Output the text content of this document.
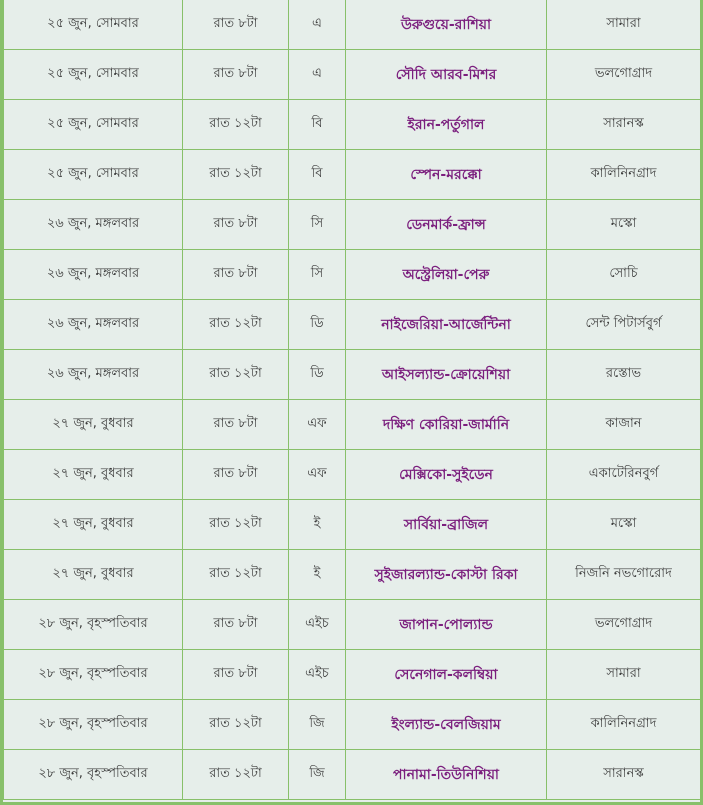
২৫ জুন, সোমবার	রাত ৮টা	এ	উরুগুয়ে-রাশিয়া	সামারা
২৫ জুন, সোমবার	রাত ৮টা	এ	সৌদি আরব-মিশর	ভলগোগ্রাদ
২৫ জুন, সোমবার	রাত ১২টা	বি	ইরান-পর্তুগাল	সারানস্ক
২৫ জুন, সোমবার	রাত ১২টা	বি	স্পেন-মরক্কো	কালিনিনগ্রাদ
২৬ জুন, মঙ্গলবার	রাত ৮টা	সি	ডেনমার্ক-ফ্রান্স	মস্কো
২৬ জুন, মঙ্গলবার	রাত ৮টা	সি	অস্ট্রেলিয়া-পেরু	সোচি
২৬ জুন, মঙ্গলবার	রাত ১২টা	ডি	নাইজেরিয়া-আর্জেন্টিনা	সেন্ট পিটার্সবুর্গ
২৬ জুন, মঙ্গলবার	রাত ১২টা	ডি	আইসল্যান্ড-ক্রোয়েশিয়া	রস্তোভ
২৭ জুন, বুধবার	রাত ৮টা	এফ	দক্ষিণ কোরিয়া-জার্মানি	কাজান
২৭ জুন, বুধবার	রাত ৮টা	এফ	মেক্সিকো-সুইডেন	একাটেরিনবুর্গ
২৭ জুন, বুধবার	রাত ১২টা	ই	সার্বিয়া-ব্রাজিল	মস্কো
২৭ জুন, বুধবার	রাত ১২টা	ই	সুইজারল্যান্ড-কোস্টা রিকা	নিজনি নভগোরোদ
২৮ জুন, বৃহস্পতিবার	রাত ৮টা	এইচ	জাপান-পোল্যান্ড	ভলগোগ্রাদ
২৮ জুন, বৃহস্পতিবার	রাত ৮টা	এইচ	সেনেগাল-কলম্বিয়া	সামারা
২৮ জুন, বৃহস্পতিবার	রাত ১২টা	জি	ইংল্যান্ড-বেলজিয়াম	কালিনিনগ্রাদ
২৮ জুন, বৃহস্পতিবার	রাত ১২টা	জি	পানামা-তিউনিশিয়া	সারানস্ক
